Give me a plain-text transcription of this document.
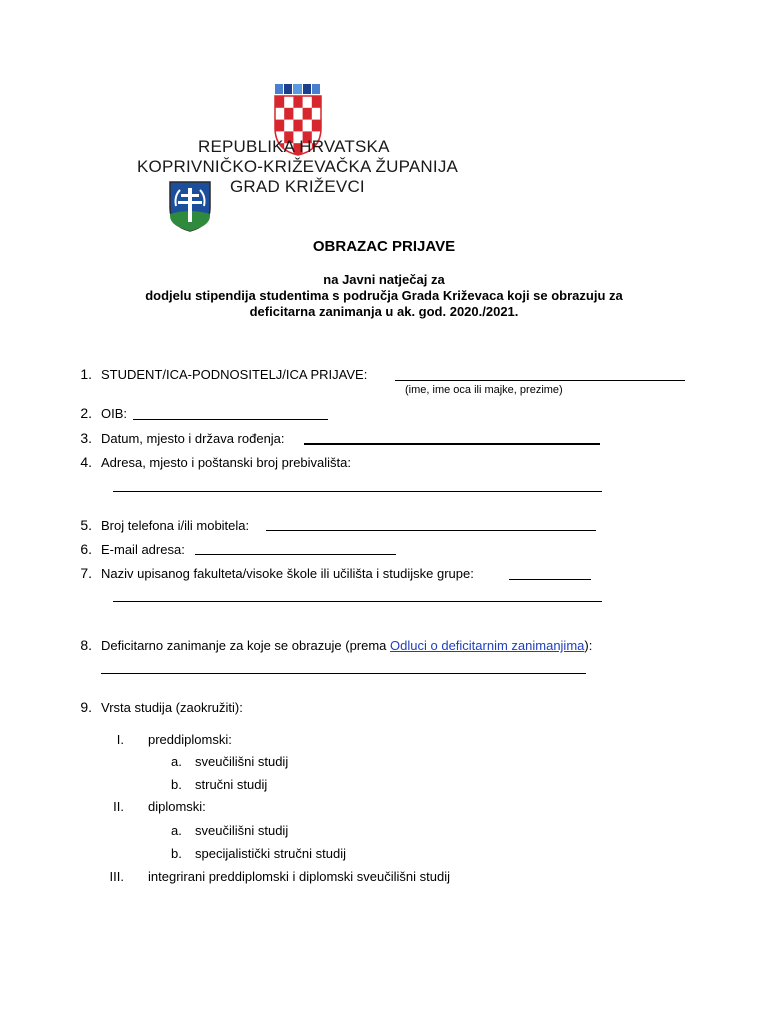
REPUBLIKA HRVATSKA
KOPRIVNIČKO-KRIŽEVAČKA ŽUPANIJA
GRAD KRIŽEVCI
OBRAZAC PRIJAVE
na Javni natječaj za
dodjelu stipendija studentima s područja Grada Križevaca koji se obrazuju za
deficitarna zanimanja u ak. god. 2020./2021.
1. STUDENT/ICA-PODNOSITELJ/ICA PRIJAVE:
(ime, ime oca ili majke, prezime)
2. OIB:
3. Datum, mjesto i država rođenja:
4. Adresa, mjesto i poštanski broj prebivališta:
5. Broj telefona i/ili mobitela:
6. E-mail adresa:
7. Naziv upisanog fakulteta/visoke škole ili učilišta i studijske grupe:
8. Deficitarno zanimanje za koje se obrazuje (prema Odluci o deficitarnim zanimanjima):
9. Vrsta studija (zaokružiti):
I. preddiplomski:
a. sveučilišni studij
b. stručni studij
II. diplomski:
a. sveučilišni studij
b. specijalistički stručni studij
III. integrirani preddiplomski i diplomski sveučilišni studij
